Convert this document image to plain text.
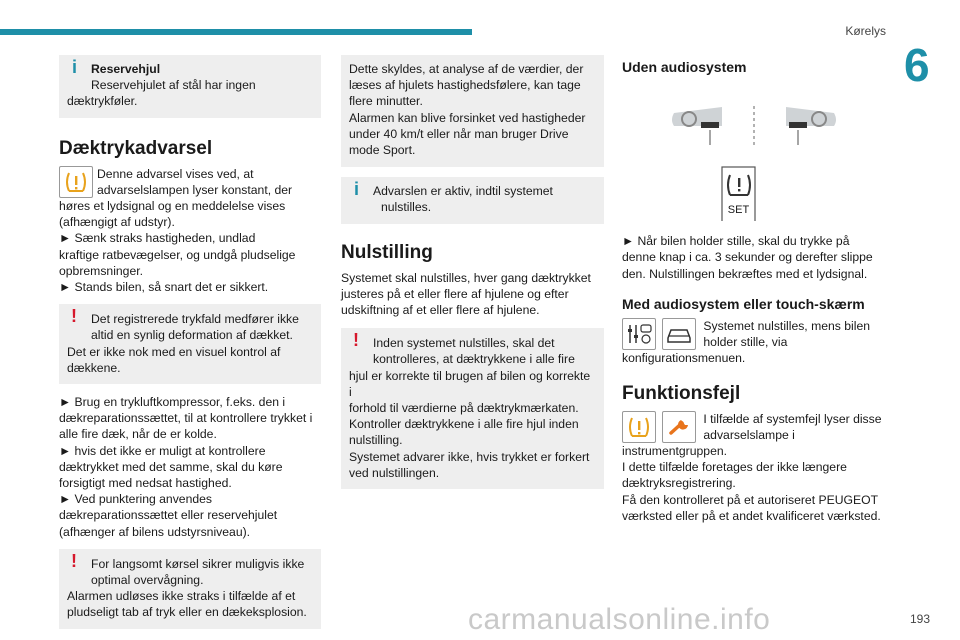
Kørelys
6
i	Reservehjul

Reservehjulet af stål har ingen

dæktrykføler.

Dæktrykadvarsel

Denne advarsel vises ved, at

advarselslampen lyser konstant, der

høres et lydsignal og en meddelelse vises

(afhængigt af udstyr).

► Sænk straks hastigheden, undlad

kraftige ratbevægelser, og undgå pludselige

opbremsninger.

► Stands bilen, så snart det er sikkert.

!	Det registrerede trykfald medfører ikke

altid en synlig deformation af dækket.

Det er ikke nok med en visuel kontrol af

dækkene.

► Brug en trykluftkompressor, f.eks. den i

dækreparationssættet, til at kontrollere trykket i

alle fire dæk, når de er kolde.

► hvis det ikke er muligt at kontrollere

dæktrykket med det samme, skal du køre

forsigtigt med nedsat hastighed.

► Ved punktering anvendes

dækreparationssættet eller reservehjulet

(afhænger af bilens udstyrsniveau).

!	For langsomt kørsel sikrer muligvis ikke

optimal overvågning.

Alarmen udløses ikke straks i tilfælde af et

pludseligt tab af tryk eller en dækeksplosion.

Dette skyldes, at analyse af de værdier, der

læses af hjulets hastighedsfølere, kan tage

flere minutter.

Alarmen kan blive forsinket ved hastigheder

under 40 km/t eller når man bruger Drive

mode Sport.

i	Advarslen er aktiv, indtil systemet

nulstilles.

Nulstilling

Systemet skal nulstilles, hver gang dæktrykket

justeres på et eller flere af hjulene og efter

udskiftning af et eller flere af hjulene.

!	Inden systemet nulstilles, skal det

kontrolleres, at dæktrykkene i alle fire

hjul er korrekte til brugen af bilen og korrekte i

forhold til værdierne på dæktrykmærkaten.

Kontroller dæktrykkene i alle fire hjul inden

nulstilling.

Systemet advarer ikke, hvis trykket er forkert

ved nulstillingen.

Uden audiosystem
SET

► Når bilen holder stille, skal du trykke på

denne knap i ca. 3 sekunder og derefter slippe

den. Nulstillingen bekræftes med et lydsignal.

Med audiosystem eller touch-skærm

Systemet nulstilles, mens bilen

holder stille, via

konfigurationsmenuen.

Funktionsfejl

I tilfælde af systemfejl lyser disse

advarselslampe i

instrumentgruppen.

I dette tilfælde foretages der ikke længere

dæktryksregistrering.

Få den kontrolleret på et autoriseret PEUGEOT

værksted eller på et andet kvalificeret værksted.

carmanualsonline.info	193
